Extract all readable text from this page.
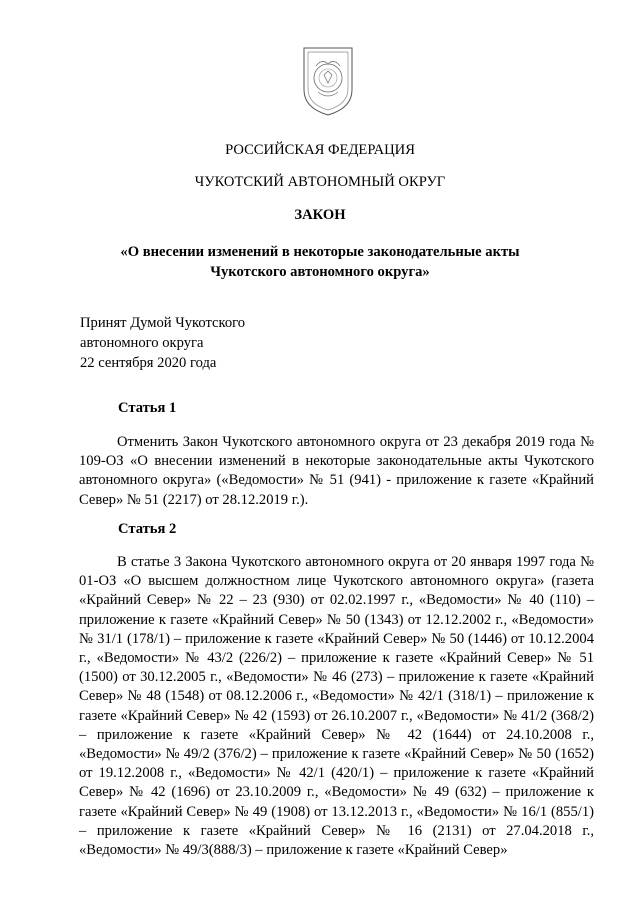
РОССИЙСКАЯ ФЕДЕРАЦИЯ
ЧУКОТСКИЙ АВТОНОМНЫЙ ОКРУГ
ЗАКОН
«О внесении изменений в некоторые законодательные акты
Чукотского автономного округа»
Принят Думой Чукотского
автономного округа
22 сентября 2020 года
Статья 1

Отменить Закон Чукотского автономного округа от 23 декабря 2019 года № 109-ОЗ «О внесении изменений в некоторые законодательные акты Чукотского автономного округа» («Ведомости» № 51 (941) - приложение к газете «Крайний Север» № 51 (2217) от 28.12.2019 г.).

Статья 2

В статье 3 Закона Чукотского автономного округа от 20 января 1997 года № 01-ОЗ «О высшем должностном лице Чукотского автономного округа» (газета «Крайний Север» № 22 – 23 (930) от 02.02.1997 г., «Ведомости» № 40 (110) – приложение к газете «Крайний Север» № 50 (1343) от 12.12.2002 г., «Ведомости» № 31/1 (178/1) – приложение к газете «Крайний Север» № 50 (1446) от 10.12.2004 г., «Ведомости» № 43/2 (226/2) – приложение к газете «Крайний Север» № 51 (1500) от 30.12.2005 г., «Ведомости» № 46 (273) – приложение к газете «Крайний Север» № 48 (1548) от 08.12.2006 г., «Ведомости» № 42/1 (318/1) – приложение к газете «Крайний Север» № 42 (1593) от 26.10.2007 г., «Ведомости» № 41/2 (368/2) – приложение к газете «Крайний Север» № 42 (1644) от 24.10.2008 г., «Ведомости» № 49/2 (376/2) – приложение к газете «Крайний Север» № 50 (1652) от 19.12.2008 г., «Ведомости» № 42/1 (420/1) – приложение к газете «Крайний Север» № 42 (1696) от 23.10.2009 г., «Ведомости» № 49 (632) – приложение к газете «Крайний Север» № 49 (1908) от 13.12.2013 г., «Ведомости» № 16/1 (855/1) – приложение к газете «Крайний Север» № 16 (2131) от 27.04.2018 г., «Ведомости» № 49/3(888/3) – приложение к газете «Крайний Север»
